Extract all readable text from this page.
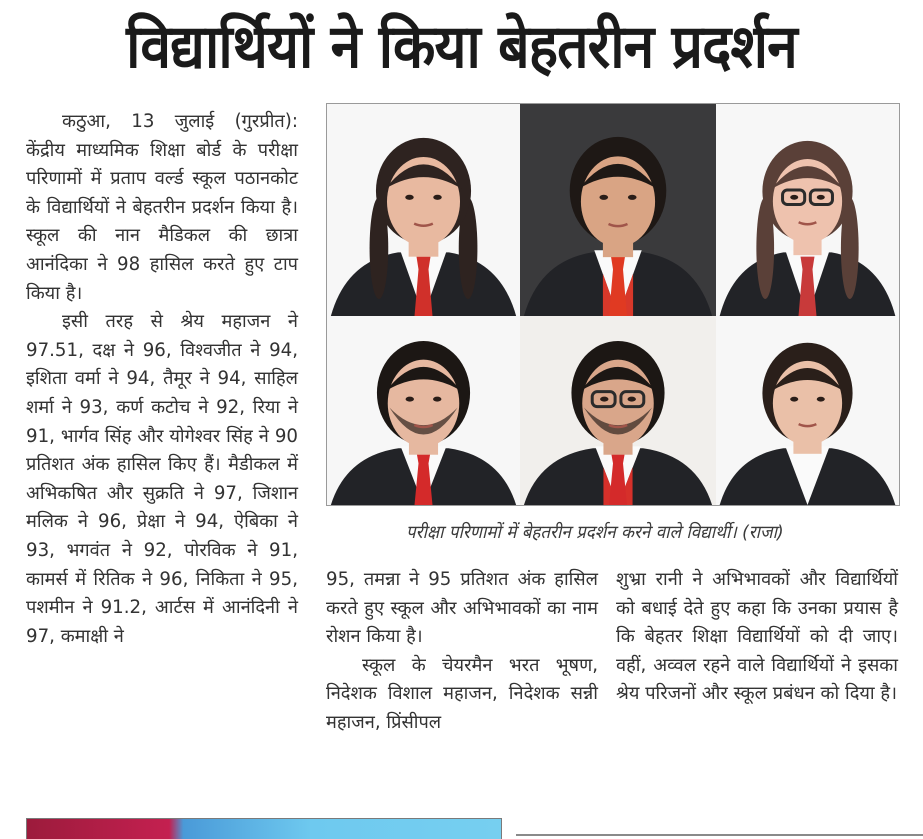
विद्यार्थियों ने किया बेहतरीन प्रदर्शन

कठुआ, 13 जुलाई (गुरप्रीत): केंद्रीय माध्यमिक शिक्षा बोर्ड के परीक्षा परिणामों में प्रताप वर्ल्ड स्कूल पठानकोट के विद्यार्थियों ने बेहतरीन प्रदर्शन किया है। स्कूल की नान मैडिकल की छात्रा आनंदिका ने 98 हासिल करते हुए टाप किया है।

इसी तरह से श्रेय महाजन ने 97.51, दक्ष ने 96, विश्वजीत ने 94, इशिता वर्मा ने 94, तैमूर ने 94, साहिल शर्मा ने 93, कर्ण कटोच ने 92, रिया ने 91, भार्गव सिंह और योगेश्वर सिंह ने 90 प्रतिशत अंक हासिल किए हैं। मैडीकल में अभिकषित और सुक्रति ने 97, जिशान मलिक ने 96, प्रेक्षा ने 94, ऐबिका ने 93, भगवंत ने 92, पोरविक ने 91, कामर्स में रितिक ने 96, निकिता ने 95, पशमीन ने 91.2, आर्टस में आनंदिनी ने 97, कमाक्षी ने

परीक्षा परिणामों में बेहतरीन प्रदर्शन करने वाले विद्यार्थी। (राजा)

95, तमन्ना ने 95 प्रतिशत अंक हासिल करते हुए स्कूल और अभिभावकों का नाम रोशन किया है।

स्कूल के चेयरमैन भरत भूषण, निदेशक विशाल महाजन, निदेशक सन्नी महाजन, प्रिंसीपल

शुभ्रा रानी ने अभिभावकों और विद्यार्थियों को बधाई देते हुए कहा कि उनका प्रयास है कि बेहतर शिक्षा विद्यार्थियों को दी जाए। वहीं, अव्वल रहने वाले विद्यार्थियों ने इसका श्रेय परिजनों और स्कूल प्रबंधन को दिया है।
